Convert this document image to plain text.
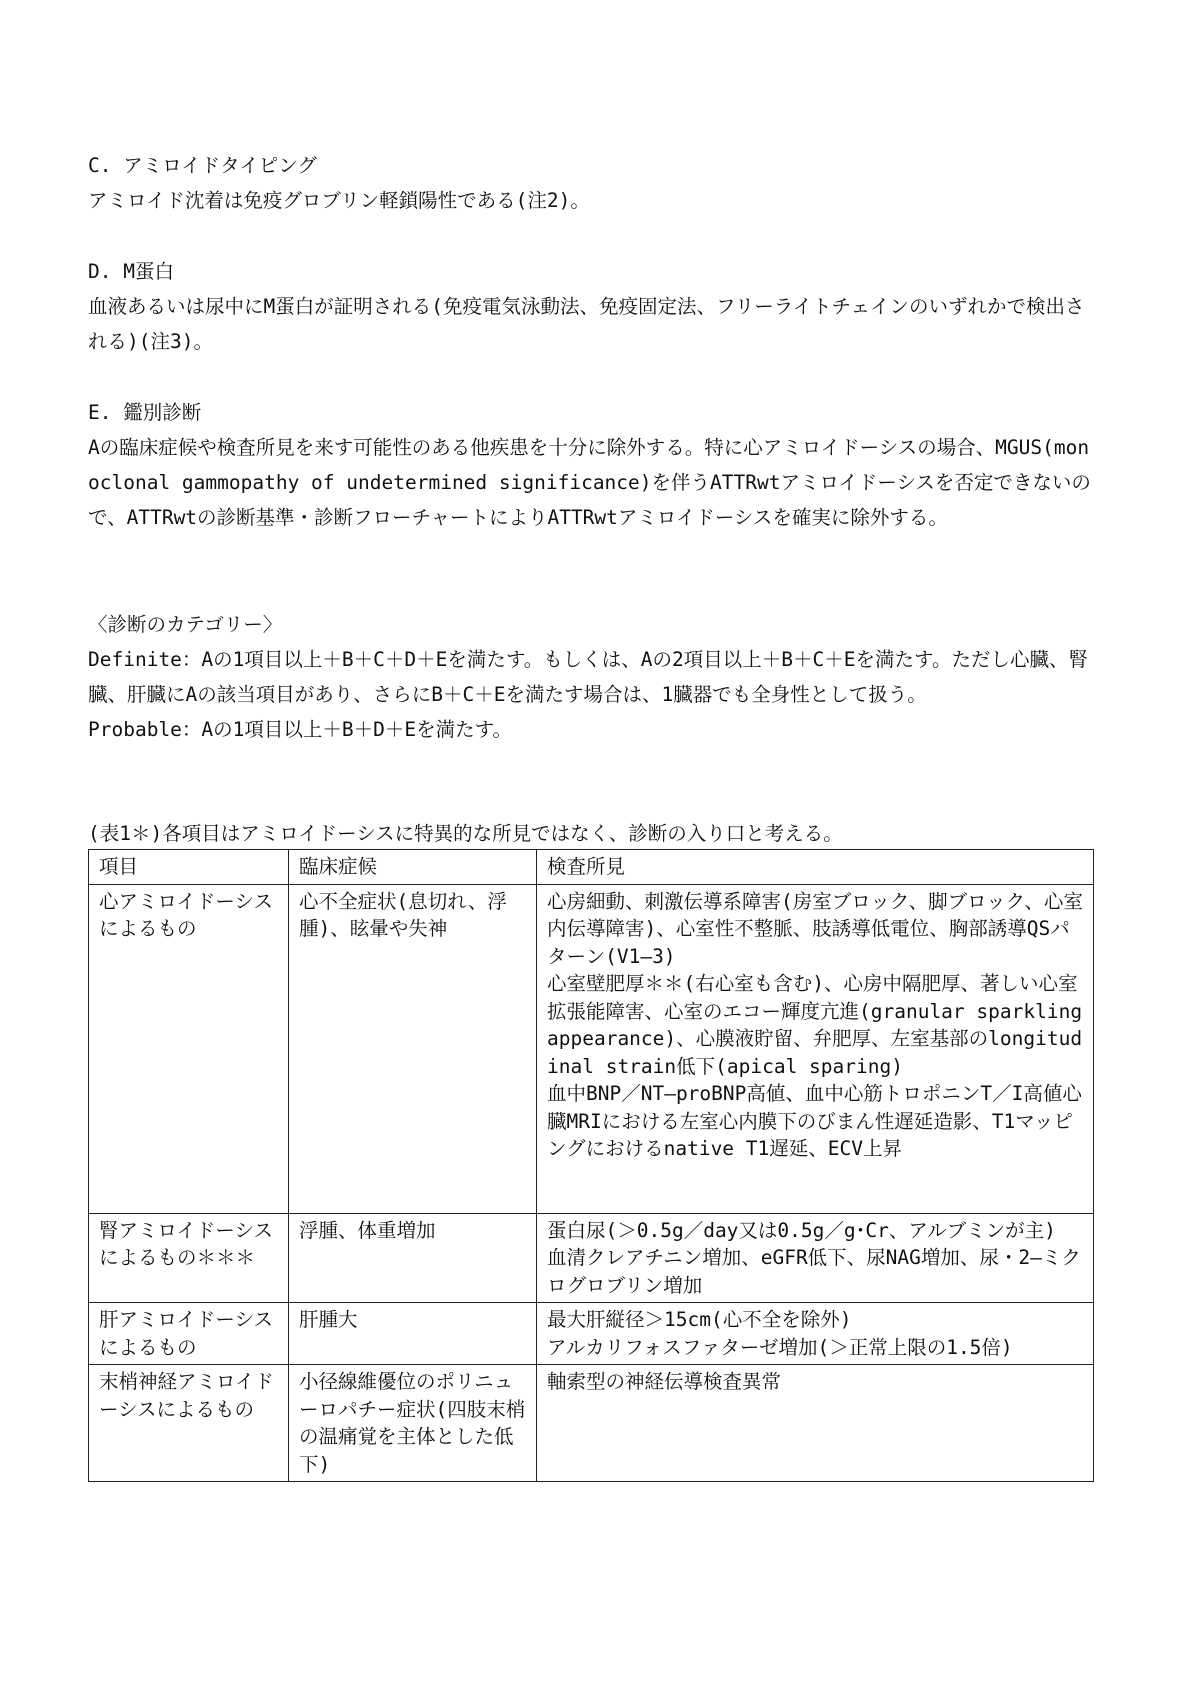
C. アミロイドタイピング
アミロイド沈着は免疫グロブリン軽鎖陽性である(注2)。
D. M蛋白
血液あるいは尿中にM蛋白が証明される(免疫電気泳動法、免疫固定法、フリーライトチェインのいずれかで検出される)(注3)。
E. 鑑別診断
Aの臨床症候や検査所見を来す可能性のある他疾患を十分に除外する。特に心アミロイドーシスの場合、MGUS(monoclonal gammopathy of undetermined significance)を伴うATTRwtアミロイドーシスを否定できないので、ATTRwtの診断基準・診断フローチャートによりATTRwtアミロイドーシスを確実に除外する。
〈診断のカテゴリー〉
Definite：Aの1項目以上＋B＋C＋D＋Eを満たす。もしくは、Aの2項目以上＋B＋C＋Eを満たす。ただし心臓、腎臓、肝臓にAの該当項目があり、さらにB＋C＋Eを満たす場合は、1臓器でも全身性として扱う。
Probable：Aの1項目以上＋B＋D＋Eを満たす。
(表1＊)各項目はアミロイドーシスに特異的な所見ではなく、診断の入り口と考える。
項目	臨床症候	検査所見
心アミロイドーシスによるもの	心不全症状(息切れ、浮腫)、眩暈や失神	心房細動、刺激伝導系障害(房室ブロック、脚ブロック、心室内伝導障害)、心室性不整脈、肢誘導低電位、胸部誘導QSパターン(V1―3)
心室壁肥厚＊＊(右心室も含む)、心房中隔肥厚、著しい心室拡張能障害、心室のエコー輝度亢進(granular sparkling appearance)、心膜液貯留、弁肥厚、左室基部のlongitudinal strain低下(apical sparing)
血中BNP／NT―proBNP高値、血中心筋トロポニンT／I高値心臓MRIにおける左室心内膜下のびまん性遅延造影、T1マッピングにおけるnative T1遅延、ECV上昇

腎アミロイドーシスによるもの＊＊＊	浮腫、体重増加	蛋白尿(＞0.5g／day又は0.5g／g･Cr、アルブミンが主)
血清クレアチニン増加、eGFR低下、尿NAG増加、尿・2―ミクログロブリン増加

肝アミロイドーシスによるもの	肝腫大	最大肝縦径＞15cm(心不全を除外)
アルカリフォスファターゼ増加(＞正常上限の1.5倍)

末梢神経アミロイドーシスによるもの	小径線維優位のポリニューロパチー症状(四肢末梢の温痛覚を主体とした低下)	軸索型の神経伝導検査異常
